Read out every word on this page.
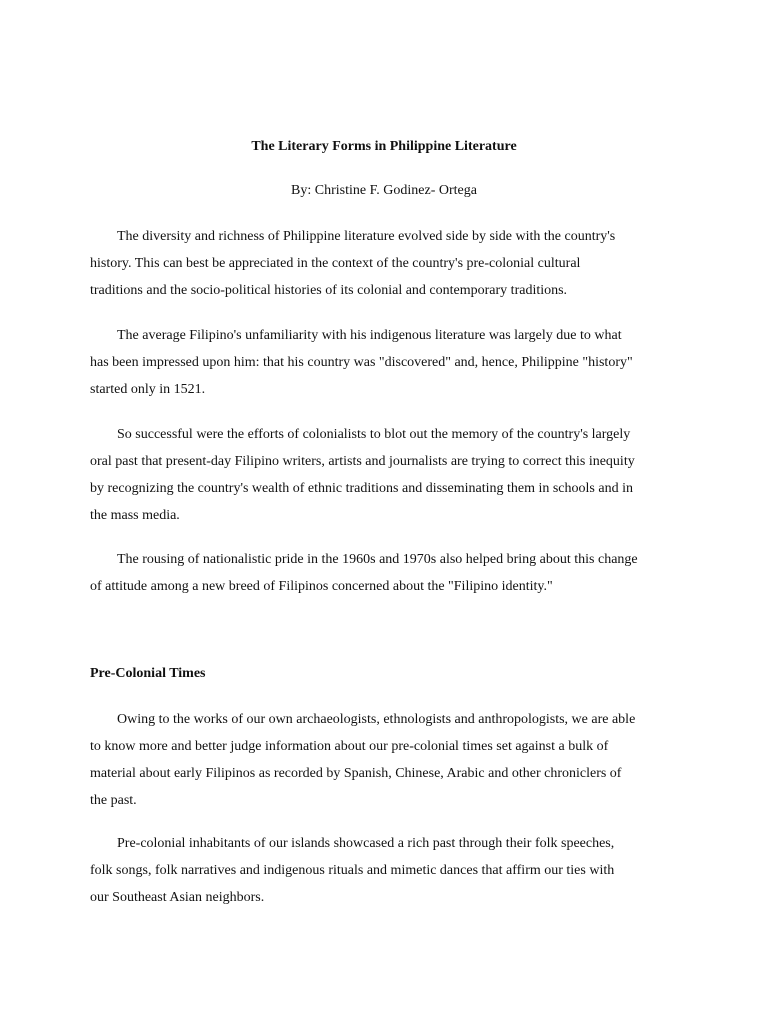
The Literary Forms in Philippine Literature
By: Christine F. Godinez- Ortega

The diversity and richness of Philippine literature evolved side by side with the country's
history. This can best be appreciated in the context of the country's pre-colonial cultural
traditions and the socio-political histories of its colonial and contemporary traditions.

The average Filipino's unfamiliarity with his indigenous literature was largely due to what
has been impressed upon him: that his country was "discovered" and, hence, Philippine "history"
started only in 1521.

So successful were the efforts of colonialists to blot out the memory of the country's largely
oral past that present-day Filipino writers, artists and journalists are trying to correct this inequity
by recognizing the country's wealth of ethnic traditions and disseminating them in schools and in
the mass media.

The rousing of nationalistic pride in the 1960s and 1970s also helped bring about this change
of attitude among a new breed of Filipinos concerned about the "Filipino identity."

Pre-Colonial Times

Owing to the works of our own archaeologists, ethnologists and anthropologists, we are able
to know more and better judge information about our pre-colonial times set against a bulk of
material about early Filipinos as recorded by Spanish, Chinese, Arabic and other chroniclers of
the past.

Pre-colonial inhabitants of our islands showcased a rich past through their folk speeches,
folk songs, folk narratives and indigenous rituals and mimetic dances that affirm our ties with
our Southeast Asian neighbors.
